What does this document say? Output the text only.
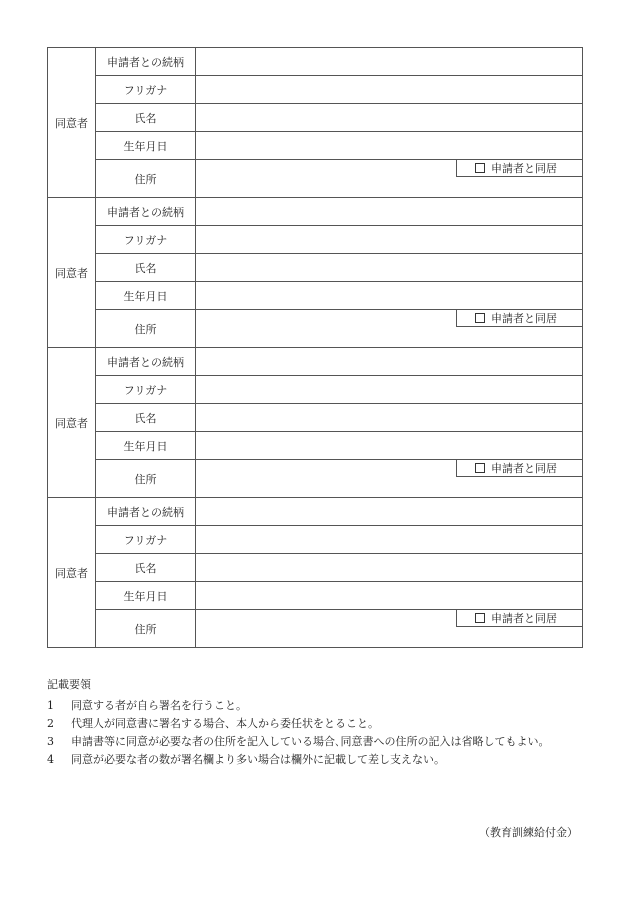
同意者	申請者との続柄	
	フリガナ	
	氏名	
	生年月日	
	住所	申請者と同居

同意者	申請者との続柄	
	フリガナ	
	氏名	
	生年月日	
	住所	申請者と同居

同意者	申請者との続柄	
	フリガナ	
	氏名	
	生年月日	
	住所	申請者と同居

同意者	申請者との続柄	
	フリガナ	
	氏名	
	生年月日	
	住所	申請者と同居
記載要領
1 同意する者が自ら署名を行うこと。
2 代理人が同意書に署名する場合、本人から委任状をとること。
3 申請書等に同意が必要な者の住所を記入している場合､同意書への住所の記入は省略してもよい。
4 同意が必要な者の数が署名欄より多い場合は欄外に記載して差し支えない。
（教育訓練給付金）
